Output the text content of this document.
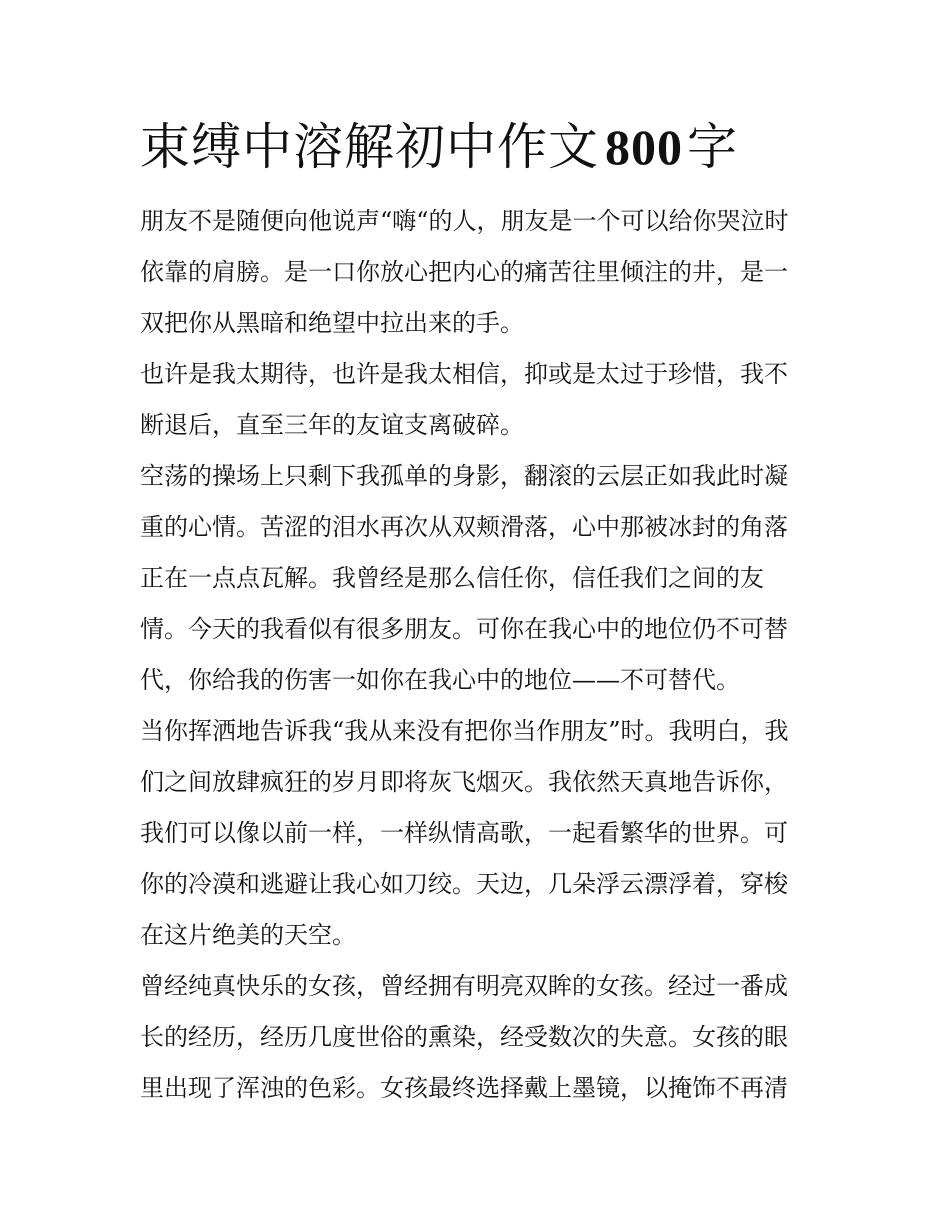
束缚中溶解初中作文 800字
朋友不是随便向他说声“嗨“的人，朋友是一个可以给你哭泣时
依靠的肩膀。是一口你放心把内心的痛苦往里倾注的井，是一
双把你从黑暗和绝望中拉出来的手。
也许是我太期待，也许是我太相信，抑或是太过于珍惜，我不
断退后，直至三年的友谊支离破碎。
空荡的操场上只剩下我孤单的身影，翻滚的云层正如我此时凝
重的心情。苦涩的泪水再次从双颊滑落，心中那被冰封的角落
正在一点点瓦解。我曾经是那么信任你，信任我们之间的友
情。今天的我看似有很多朋友。可你在我心中的地位仍不可替
代，你给我的伤害一如你在我心中的地位——不可替代。
当你挥洒地告诉我“我从来没有把你当作朋友”时。我明白，我
们之间放肆疯狂的岁月即将灰飞烟灭。我依然天真地告诉你，
我们可以像以前一样，一样纵情高歌，一起看繁华的世界。可
你的冷漠和逃避让我心如刀绞。天边，几朵浮云漂浮着，穿梭
在这片绝美的天空。
曾经纯真快乐的女孩，曾经拥有明亮双眸的女孩。经过一番成
长的经历，经历几度世俗的熏染，经受数次的失意。女孩的眼
里出现了浑浊的色彩。女孩最终选择戴上墨镜，以掩饰不再清
